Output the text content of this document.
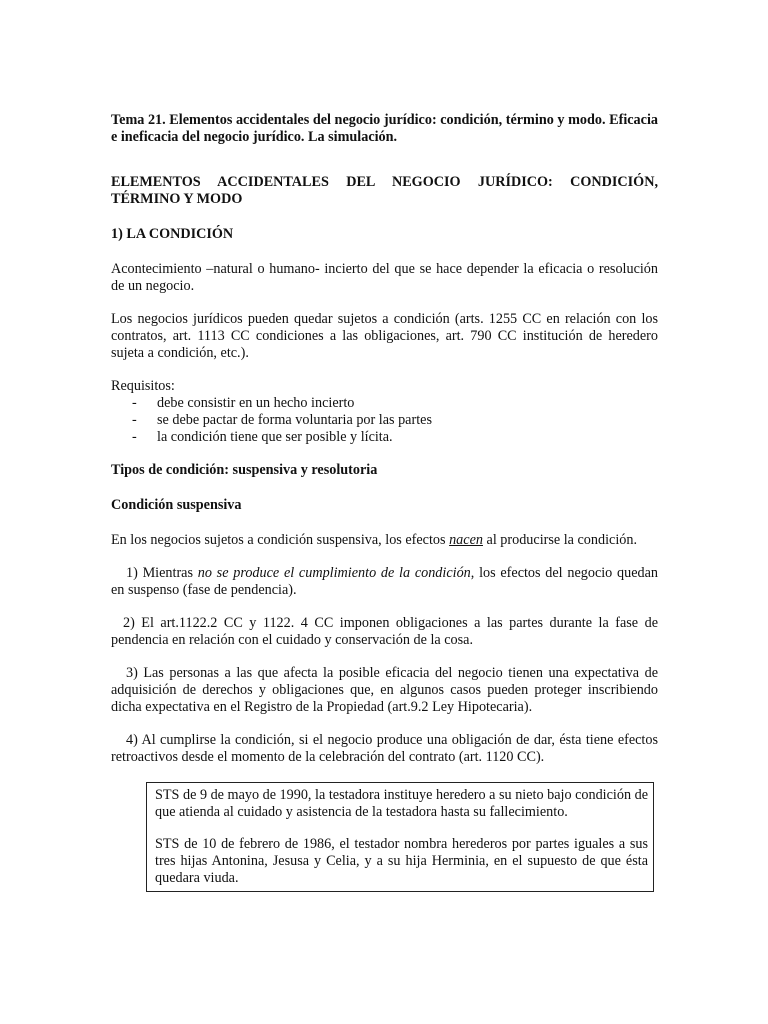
Tema 21. Elementos accidentales del negocio jurídico: condición, término y modo. Eficacia e ineficacia del negocio jurídico. La simulación.

ELEMENTOS ACCIDENTALES DEL NEGOCIO JURÍDICO: CONDICIÓN, TÉRMINO Y MODO

1) LA CONDICIÓN

Acontecimiento –natural o humano- incierto del que se hace depender la eficacia o resolución de un negocio.

Los negocios jurídicos pueden quedar sujetos a condición (arts. 1255 CC en relación con los contratos, art. 1113 CC condiciones a las obligaciones, art. 790 CC institución de heredero sujeta a condición, etc.).

Requisitos:

- debe consistir en un hecho incierto
- se debe pactar de forma voluntaria por las partes
- la condición tiene que ser posible y lícita.

Tipos de condición: suspensiva y resolutoria

Condición suspensiva

En los negocios sujetos a condición suspensiva, los efectos nacen al producirse la condición.

1) Mientras no se produce el cumplimiento de la condición, los efectos del negocio quedan en suspenso (fase de pendencia).

2) El art.1122.2 CC y 1122. 4 CC imponen obligaciones a las partes durante la fase de pendencia en relación con el cuidado y conservación de la cosa.

3) Las personas a las que afecta la posible eficacia del negocio tienen una expectativa de adquisición de derechos y obligaciones que, en algunos casos pueden proteger inscribiendo dicha expectativa en el Registro de la Propiedad (art.9.2 Ley Hipotecaria).

4) Al cumplirse la condición, si el negocio produce una obligación de dar, ésta tiene efectos retroactivos desde el momento de la celebración del contrato (art. 1120 CC).

STS de 9 de mayo de 1990, la testadora instituye heredero a su nieto bajo condición de que atienda al cuidado y asistencia de la testadora hasta su fallecimiento.

STS de 10 de febrero de 1986, el testador nombra herederos por partes iguales a sus tres hijas Antonina, Jesusa y Celia, y a su hija Herminia, en el supuesto de que ésta quedara viuda.
